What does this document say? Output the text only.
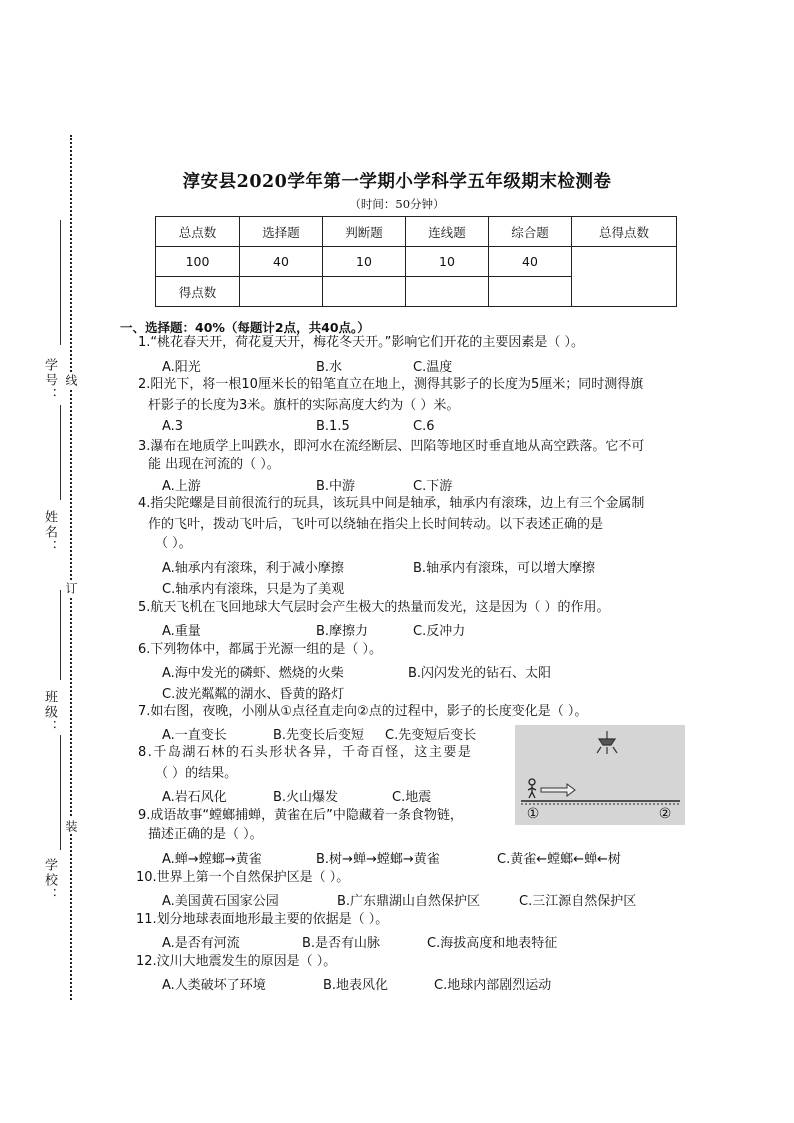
学号：
姓名：
班级：
学校：
线
订
装
淳安县2020学年第一学期小学科学五年级期末检测卷
（时间：50分钟）
总点数	选择题	判断题	连线题	综合题	总得点数
100	40	10	10	40	
得点数					
一、选择题：40%（每题计2点，共40点。）
1.“桃花春天开，荷花夏天开，梅花冬天开。”影响它们开花的主要因素是（ ）。
A.阳光	B.水	C.温度
2.阳光下，将一根10厘米长的铅笔直立在地上，测得其影子的长度为5厘米；同时测得旗
杆影子的长度为3米。旗杆的实际高度大约为（ ）米。
A.3	B.1.5	C.6
3.瀑布在地质学上叫跌水，即河水在流经断层、凹陷等地区时垂直地从高空跌落。它不可
能 出现在河流的（ ）。
A.上游	B.中游	C.下游
4.指尖陀螺是目前很流行的玩具，该玩具中间是轴承，轴承内有滚珠，边上有三个金属制
作的飞叶，拨动飞叶后，飞叶可以绕轴在指尖上长时间转动。以下表述正确的是
（ ）。
A.轴承内有滚珠，利于减小摩擦	B.轴承内有滚珠，可以增大摩擦
C.轴承内有滚珠，只是为了美观
5.航天飞机在飞回地球大气层时会产生极大的热量而发光，这是因为（ ）的作用。
A.重量	B.摩擦力	C.反冲力
6.下列物体中，都属于光源一组的是（ ）。
A.海中发光的磷虾、燃烧的火柴	B.闪闪发光的钻石、太阳
C.波光粼粼的湖水、昏黄的路灯
7.如右图，夜晚，小刚从①点径直走向②点的过程中，影子的长度变化是（ ）。
A.一直变长	B.先变长后变短 C.先变短后变长
8.千岛湖石林的石头形状各异，千奇百怪，这主要是
（ ）的结果。
A.岩石风化	B.火山爆发	C.地震
9.成语故事“螳螂捕蝉，黄雀在后”中隐藏着一条食物链，
描述正确的是（ ）。
A.蝉→螳螂→黄雀	B.树→蝉→螳螂→黄雀	C.黄雀←螳螂←蝉←树
10.世界上第一个自然保护区是（ ）。
A.美国黄石国家公园	B.广东鼎湖山自然保护区	C.三江源自然保护区
11.划分地球表面地形最主要的依据是（ ）。
A.是否有河流	B.是否有山脉	C.海拔高度和地表特征
12.汶川大地震发生的原因是（ ）。
A.人类破坏了环境	B.地表风化	C.地球内部剧烈运动
①	②
